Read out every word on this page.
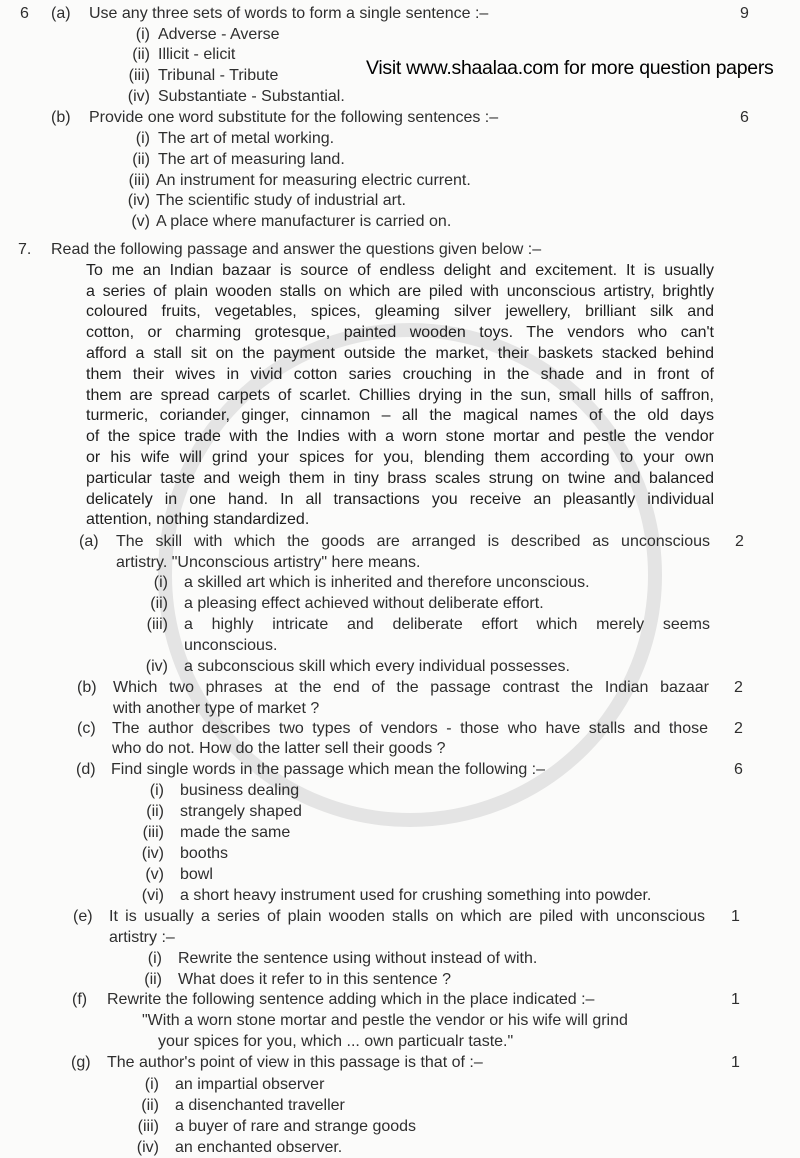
6 (a) Use any three sets of words to form a single sentence :–	9
(i) Adverse - Averse
(ii) Illicit - elicit
(iii) Tribunal - Tribute
(iv) Substantiate - Substantial.
(b) Provide one word substitute for the following sentences :–	6
(i) The art of metal working.
(ii) The art of measuring land.
(iii) An instrument for measuring electric current.
(iv) The scientific study of industrial art.
(v) A place where manufacturer is carried on.
7. Read the following passage and answer the questions given below :–
To me an Indian bazaar is source of endless delight and excitement. It is usually
a series of plain wooden stalls on which are piled with unconscious artistry, brightly
coloured fruits, vegetables, spices, gleaming silver jewellery, brilliant silk and
cotton, or charming grotesque, painted wooden toys. The vendors who can't
afford a stall sit on the payment outside the market, their baskets stacked behind
them their wives in vivid cotton saries crouching in the shade and in front of
them are spread carpets of scarlet. Chillies drying in the sun, small hills of saffron,
turmeric, coriander, ginger, cinnamon – all the magical names of the old days
of the spice trade with the Indies with a worn stone mortar and pestle the vendor
or his wife will grind your spices for you, blending them according to your own
particular taste and weigh them in tiny brass scales strung on twine and balanced
delicately in one hand. In all transactions you receive an pleasantly individual
attention, nothing standardized.
(a) The skill with which the goods are arranged is described as unconscious 2
artistry. "Unconscious artistry" here means.
(i) a skilled art which is inherited and therefore unconscious.
(ii) a pleasing effect achieved without deliberate effort.
(iii) a highly intricate and deliberate effort which merely seems
unconscious.
(iv) a subconscious skill which every individual possesses.
(b) Which two phrases at the end of the passage contrast the Indian bazaar 2
with another type of market ?
(c) The author describes two types of vendors - those who have stalls and those 2
who do not. How do the latter sell their goods ?
(d) Find single words in the passage which mean the following :–	6
(i) business dealing
(ii) strangely shaped
(iii) made the same
(iv) booths
(v) bowl
(vi) a short heavy instrument used for crushing something into powder.
(e) It is usually a series of plain wooden stalls on which are piled with unconscious 1
artistry :–
(i) Rewrite the sentence using without instead of with.
(ii) What does it refer to in this sentence ?
(f) Rewrite the following sentence adding which in the place indicated :–	1
"With a worn stone mortar and pestle the vendor or his wife will grind
your spices for you, which ... own particualr taste."
(g) The author's point of view in this passage is that of :–	1
(i) an impartial observer
(ii) a disenchanted traveller
(iii) a buyer of rare and strange goods
(iv) an enchanted observer.
Visit www.shaalaa.com for more question papers
